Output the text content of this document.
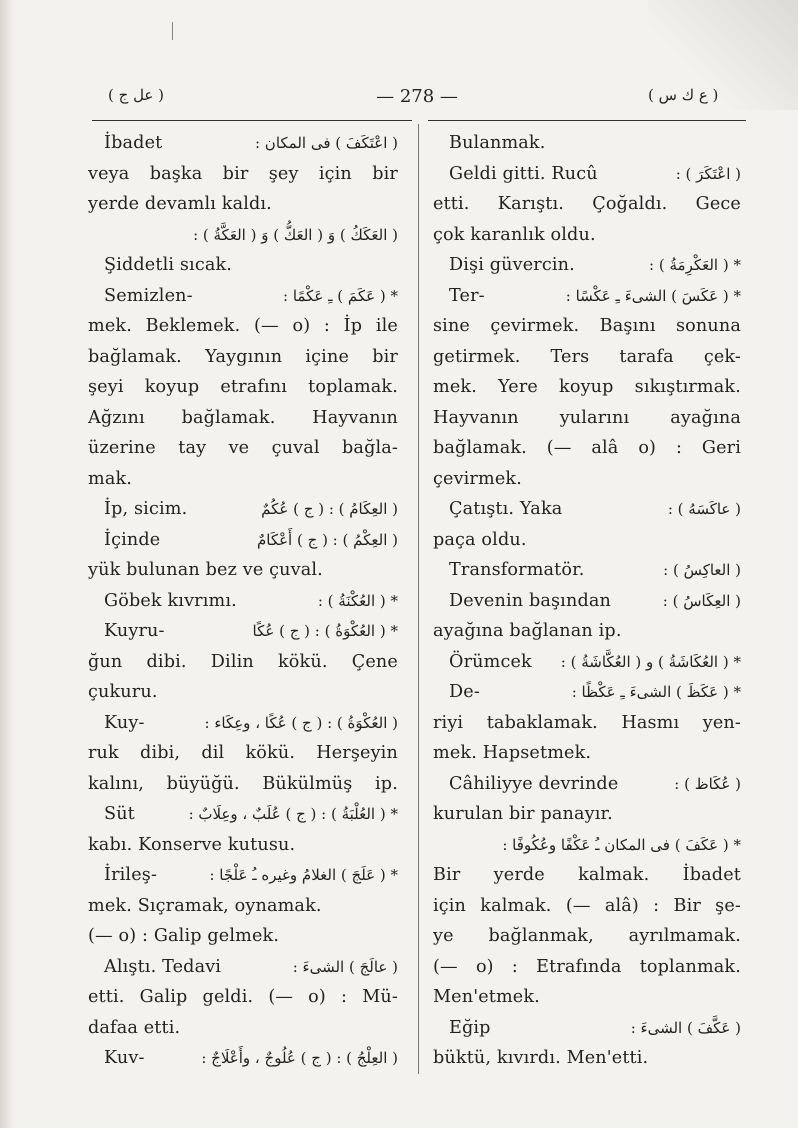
( عل ج )	— 278 —	( ع ك س )
İbadet	( اعْتَكَفَ ) فى المكان :
veya başka bir şey için bir
yerde devamlı kaldı.
( العَكَكُ ) وَ ( العَكُّ ) وَ ( العَكَّةُ ) :
Şiddetli sıcak.
Semizlen-	* ( عَكَمَ ) ـِ عَكْمًا :
mek. Beklemek. (— o) : İp ile
bağlamak. Yaygının içine bir
şeyi koyup etrafını toplamak.
Ağzını bağlamak. Hayvanın
üzerine tay ve çuval bağla-
mak.
İp, sicim.	( العِكَامُ ) : ( ج ) عُكُمٌ
İçinde	( العِكْمُ ) : ( ج ) أَعْكَامٌ
yük bulunan bez ve çuval.
Göbek kıvrımı.	* ( العُكْنَةُ ) :
Kuyru-	* ( العُكْوَةُ ) : ( ج ) عُكًا
ğun dibi. Dilin kökü. Çene
çukuru.
Kuy-	( العُكْوَةُ ) : ( ج ) عُكًا ، وعِكَاء :
ruk dibi, dil kökü. Herşeyin
kalını, büyüğü. Bükülmüş ip.
Süt	* ( العُلْبَةُ ) : ( ج ) عُلَبٌ ، وعِلَابٌ :
kabı. Konserve kutusu.
İrileş-	* ( عَلَجَ ) الغلامُ وغيره ـُ عَلْجًا :
mek. Sıçramak, oynamak.
(— o) : Galip gelmek.
Alıştı. Tedavi	( عالَجَ ) الشىءَ :
etti. Galip geldi. (— o) : Mü-
dafaa etti.
Kuv-	( العِلْجُ ) : ( ج ) عُلُوجٌ ، وأَعْلَاجٌ :
Bulanmak.
Geldi gitti. Rucû	( اعْتَكَرَ ) :
etti. Karıştı. Çoğaldı. Gece
çok karanlık oldu.
Dişi güvercin.	* ( العَكْرِمَةُ ) :
Ter-	* ( عَكَسَ ) الشىءَ ـِ عَكْسًا :
sine çevirmek. Başını sonuna
getirmek. Ters tarafa çek-
mek. Yere koyup sıkıştırmak.
Hayvanın yularını ayağına
bağlamak. (— alâ o) : Geri
çevirmek.
Çatıştı. Yaka	( عاكَسَهُ ) :
paça oldu.
Transformatör.	( العاكِسُ ) :
Devenin başından	( العِكَاسُ ) :
ayağına bağlanan ip.
Örümcek * ( العُكَاشَةُ ) و ( العُكَّاشَةُ ) :
De-	* ( عَكَظَ ) الشىءَ ـِ عَكْظًا :
riyi tabaklamak. Hasmı yen-
mek. Hapsetmek.
Câhiliyye devrinde	( عُكَاظ ) :
kurulan bir panayır.
* ( عَكَفَ ) فى المكان ـُ عَكْفًا وعُكُوفًا :
Bir yerde kalmak. İbadet
için kalmak. (— alâ) : Bir şe-
ye bağlanmak, ayrılmamak.
(— o) : Etrafında toplanmak.
Men'etmek.
Eğip	( عَكَّفَ ) الشىءَ :
büktü, kıvırdı. Men'etti.
